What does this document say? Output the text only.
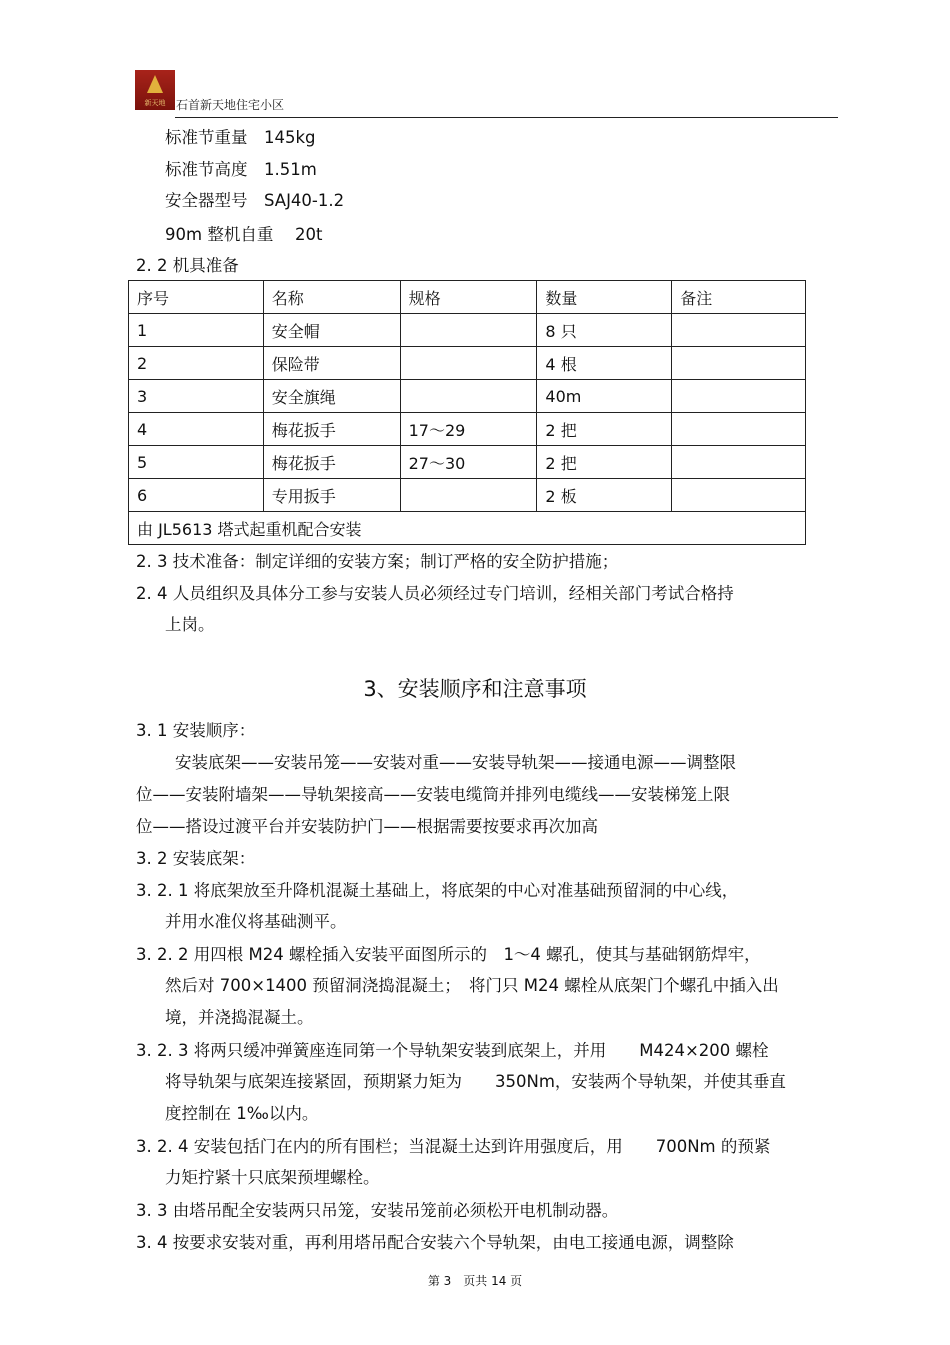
新天地 石首新天地住宅小区
标准节重量　145kg
标准节高度　1.51m
安全器型号　SAJ40-1.2
90m 整机自重　 20t
2. 2 机具准备
序号	名称	规格	数量	备注
1	安全帽		8 只	
2	保险带		4 根	
3	安全旗绳		40m	
4	梅花扳手	17～29	2 把	
5	梅花扳手	27～30	2 把	
6	专用扳手		2 板	
由 JL5613 塔式起重机配合安装				
2. 3 技术准备：制定详细的安装方案；制订严格的安全防护措施；
2. 4 人员组织及具体分工参与安装人员必须经过专门培训，经相关部门考试合格持
上岗。
3、安装顺序和注意事项
3. 1 安装顺序：
安装底架——安装吊笼——安装对重——安装导轨架——接通电源——调整限
位——安装附墙架——导轨架接高——安装电缆筒并排列电缆线——安装梯笼上限
位——搭设过渡平台并安装防护门——根据需要按要求再次加高
3. 2 安装底架：
3. 2. 1 将底架放至升降机混凝土基础上，将底架的中心对准基础预留洞的中心线，
并用水准仪将基础测平。
3. 2. 2 用四根 M24 螺栓插入安装平面图所示的　1～4 螺孔，使其与基础钢筋焊牢，
然后对 700×1400 预留洞浇捣混凝土；　将门只 M24 螺栓从底架门个螺孔中插入出
境，并浇捣混凝土。
3. 2. 3 将两只缓冲弹簧座连同第一个导轨架安装到底架上，并用　　M424×200 螺栓
将导轨架与底架连接紧固，预期紧力矩为　　350Nm，安装两个导轨架，并使其垂直
度控制在 1‰以内。
3. 2. 4 安装包括门在内的所有围栏；当混凝土达到许用强度后，用　　700Nm 的预紧
力矩拧紧十只底架预埋螺栓。
3. 3 由塔吊配全安装两只吊笼，安装吊笼前必须松开电机制动器。
3. 4 按要求安装对重，再利用塔吊配合安装六个导轨架，由电工接通电源，调整除
第 3　页共 14 页
